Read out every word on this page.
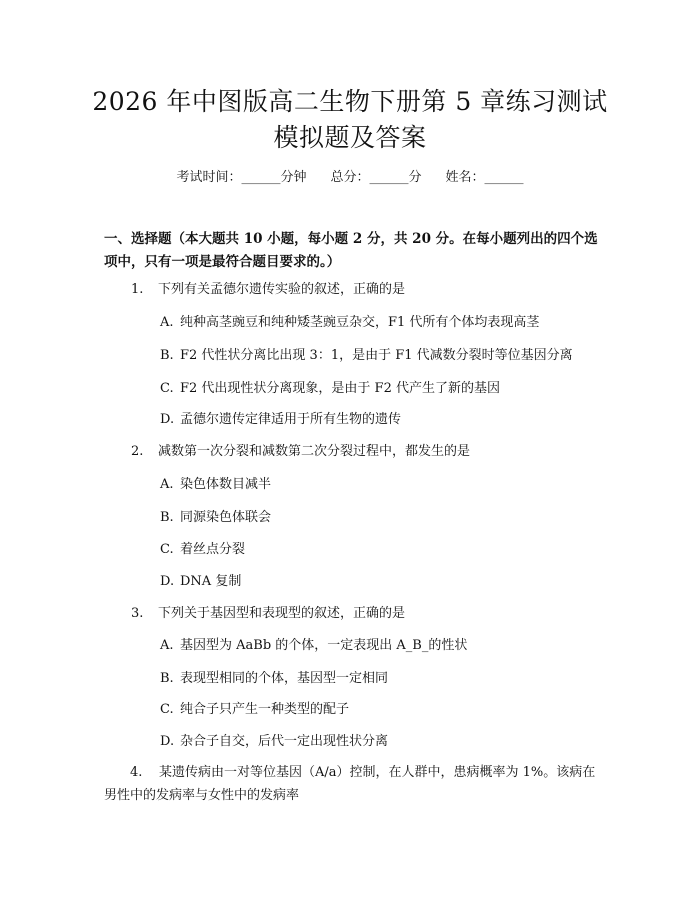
2026 年中图版高二生物下册第 5 章练习测试
模拟题及答案
考试时间：______分钟 总分：______分 姓名：______
一、选择题（本大题共 10 小题，每小题 2 分，共 20 分。在每小题列出的四个选项中，只有一项是最符合题目要求的。）
1. 下列有关孟德尔遗传实验的叙述，正确的是
A. 纯种高茎豌豆和纯种矮茎豌豆杂交，F1 代所有个体均表现高茎
B. F2 代性状分离比出现 3：1，是由于 F1 代减数分裂时等位基因分离
C. F2 代出现性状分离现象，是由于 F2 代产生了新的基因
D. 孟德尔遗传定律适用于所有生物的遗传
2. 减数第一次分裂和减数第二次分裂过程中，都发生的是
A. 染色体数目减半
B. 同源染色体联会
C. 着丝点分裂
D. DNA 复制
3. 下列关于基因型和表现型的叙述，正确的是
A. 基因型为 AaBb 的个体，一定表现出 A_B_的性状
B. 表现型相同的个体，基因型一定相同
C. 纯合子只产生一种类型的配子
D. 杂合子自交，后代一定出现性状分离
4. 某遗传病由一对等位基因（A/a）控制，在人群中，患病概率为 1%。该病在男性中的发病率与女性中的发病率
